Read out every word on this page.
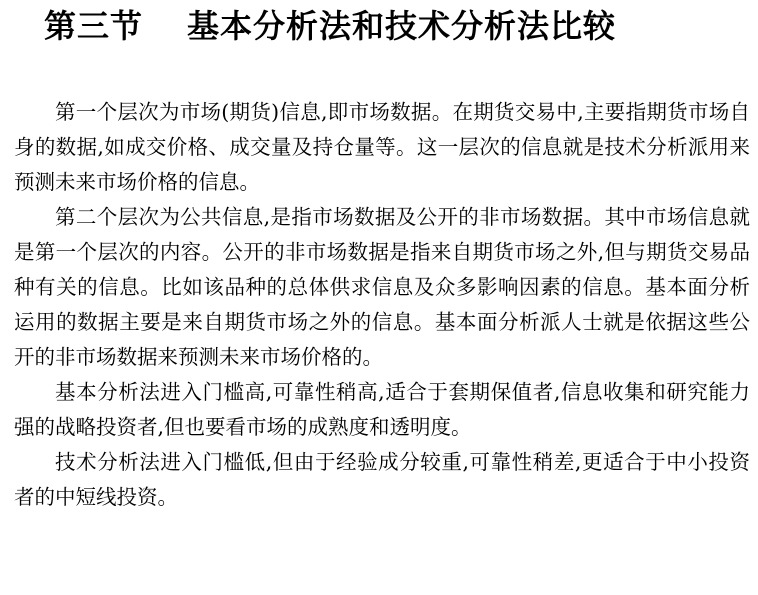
第三节 基本分析法和技术分析法比较

第一个层次为市场(期货)信息,即市场数据。在期货交易中,主要指期货市场自身的数据,如成交价格、成交量及持仓量等。这一层次的信息就是技术分析派用来预测未来市场价格的信息。

第二个层次为公共信息,是指市场数据及公开的非市场数据。其中市场信息就是第一个层次的内容。公开的非市场数据是指来自期货市场之外,但与期货交易品种有关的信息。比如该品种的总体供求信息及众多影响因素的信息。基本面分析运用的数据主要是来自期货市场之外的信息。基本面分析派人士就是依据这些公开的非市场数据来预测未来市场价格的。

基本分析法进入门槛高,可靠性稍高,适合于套期保值者,信息收集和研究能力强的战略投资者,但也要看市场的成熟度和透明度。

技术分析法进入门槛低,但由于经验成分较重,可靠性稍差,更适合于中小投资者的中短线投资。
